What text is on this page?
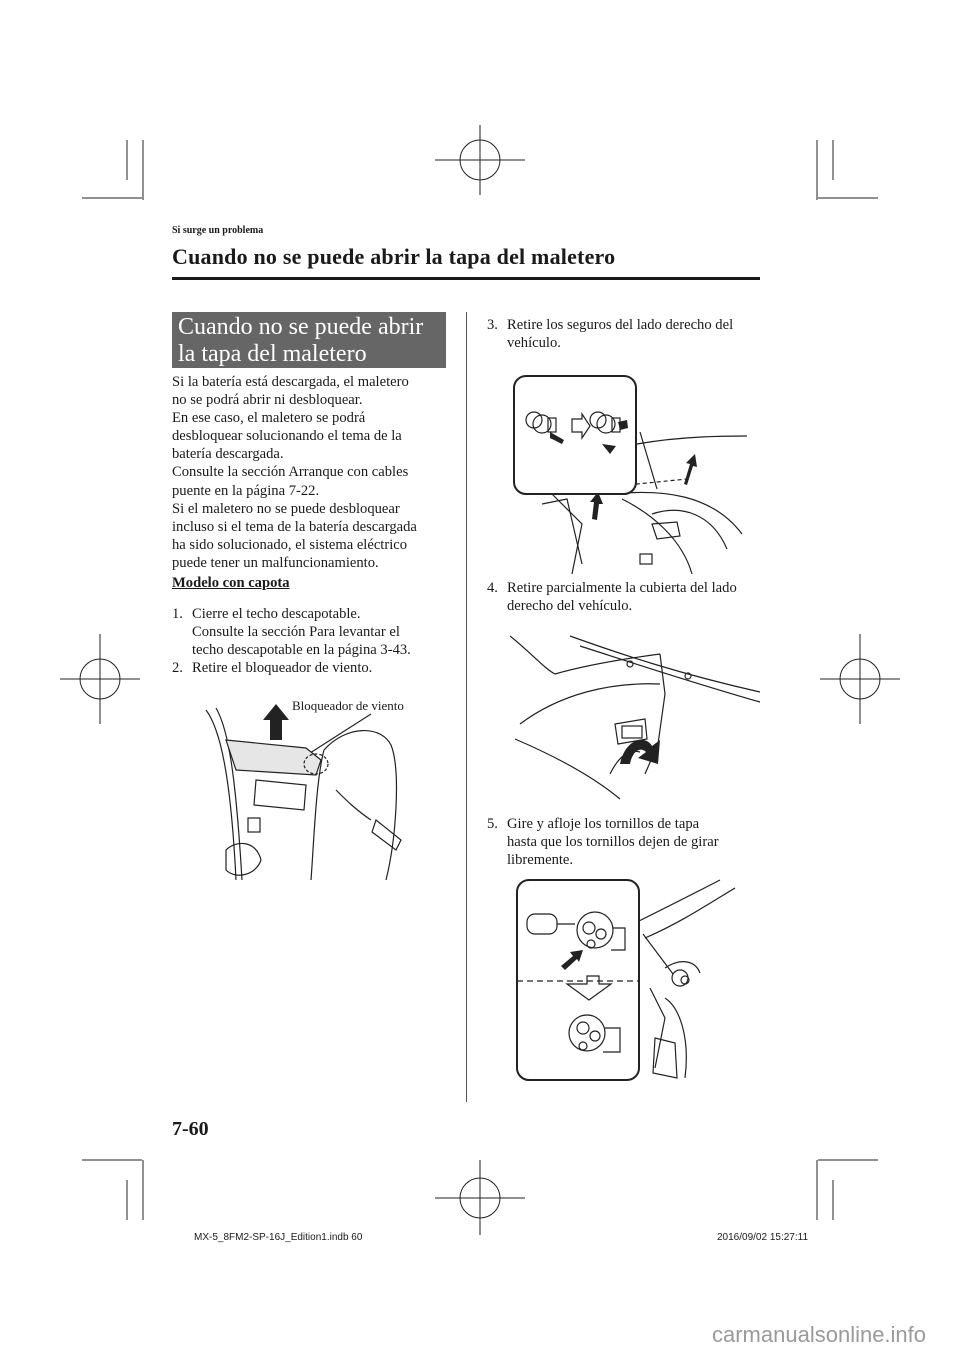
Si surge un problema
Cuando no se puede abrir la tapa del maletero
Cuando no se puede abrir
la tapa del maletero

Si la batería está descargada, el maletero

no se podrá abrir ni desbloquear.

En ese caso, el maletero se podrá

desbloquear solucionando el tema de la

batería descargada.

Consulte la sección Arranque con cables

puente en la página 7-22.

Si el maletero no se puede desbloquear

incluso si el tema de la batería descargada

ha sido solucionado, el sistema eléctrico

puede tener un malfuncionamiento.

Modelo con capota
1. Cierre el techo descapotable.
Consulte la sección Para levantar el
techo descapotable en la página 3-43.
2. Retire el bloqueador de viento.
Bloqueador de viento
3. Retire los seguros del lado derecho del
vehículo.
4. Retire parcialmente la cubierta del lado
derecho del vehículo.
5. Gire y afloje los tornillos de tapa
hasta que los tornillos dejen de girar
libremente.
7-60
MX-5_8FM2-SP-16J_Edition1.indb 60	2016/09/02 15:27:11
carmanualsonline.info
